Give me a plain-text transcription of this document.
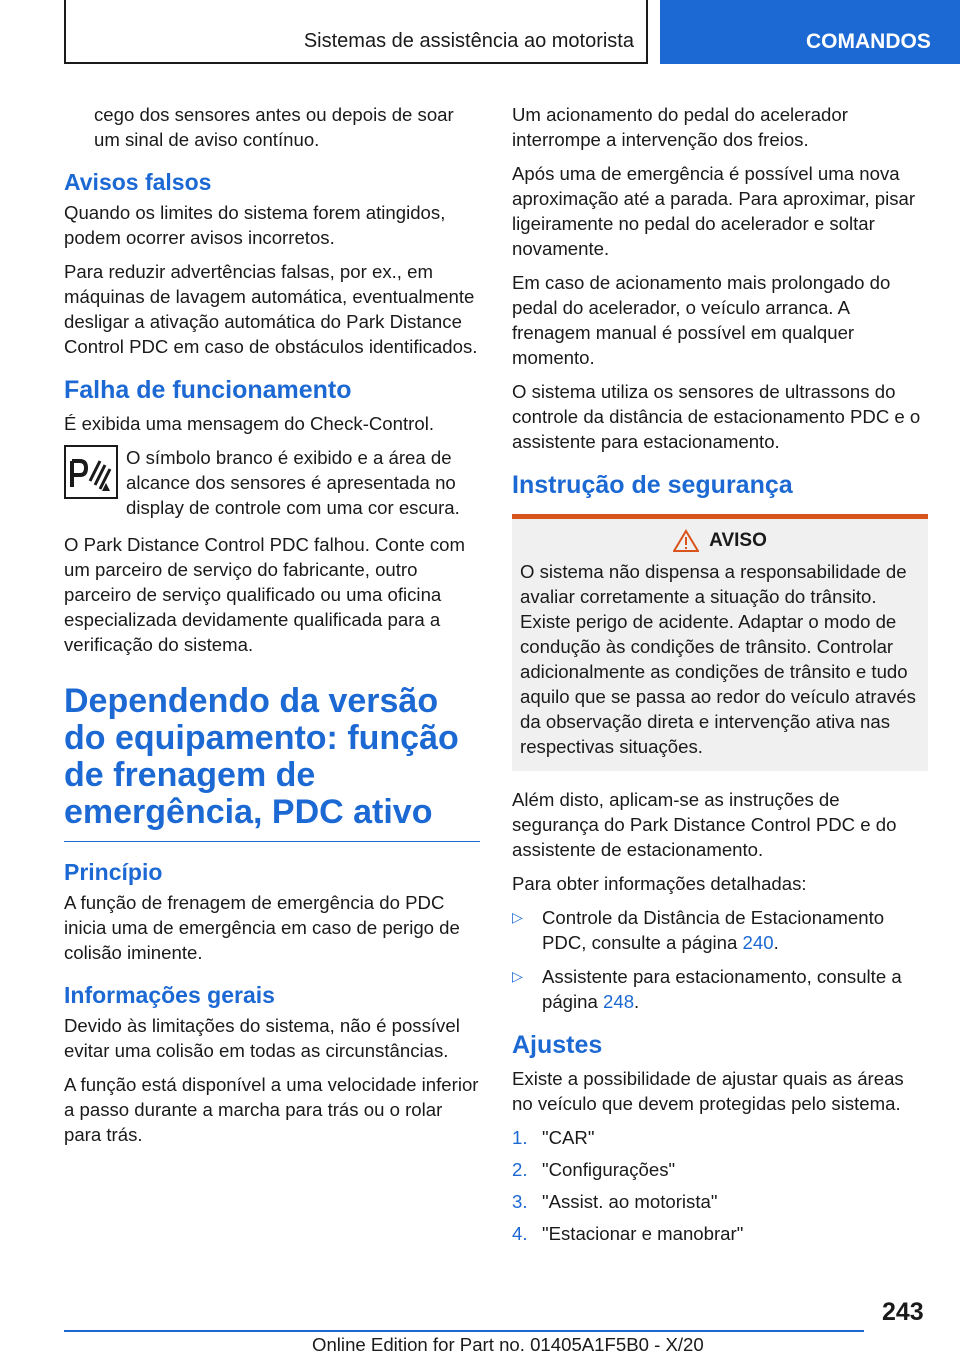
Sistemas de assistência ao motorista	COMANDOS

cego dos sensores antes ou depois de soar um sinal de aviso contínuo.

Avisos falsos

Quando os limites do sistema forem atingidos, podem ocorrer avisos incorretos.

Para reduzir advertências falsas, por ex., em máquinas de lavagem automática, eventualmente desligar a ativação automática do Park Distance Control PDC em caso de obstáculos identificados.

Falha de funcionamento

É exibida uma mensagem do Check-Control.

O símbolo branco é exibido e a área de alcance dos sensores é apresentada no display de controle com uma cor escura.

O Park Distance Control PDC falhou. Conte com um parceiro de serviço do fabricante, outro parceiro de serviço qualificado ou uma oficina especializada devidamente qualificada para a verificação do sistema.

Dependendo da versão do equipamento: função de frenagem de emergência, PDC ativo
Princípio

A função de frenagem de emergência do PDC inicia uma de emergência em caso de perigo de colisão iminente.

Informações gerais

Devido às limitações do sistema, não é possível evitar uma colisão em todas as circunstâncias.

A função está disponível a uma velocidade inferior a passo durante a marcha para trás ou o rolar para trás.

Um acionamento do pedal do acelerador interrompe a intervenção dos freios.

Após uma de emergência é possível uma nova aproximação até a parada. Para aproximar, pisar ligeiramente no pedal do acelerador e soltar novamente.

Em caso de acionamento mais prolongado do pedal do acelerador, o veículo arranca. A frenagem manual é possível em qualquer momento.

O sistema utiliza os sensores de ultrassons do controle da distância de estacionamento PDC e o assistente para estacionamento.

Instrução de segurança
AVISO

O sistema não dispensa a responsabilidade de avaliar corretamente a situação do trânsito. Existe perigo de acidente. Adaptar o modo de condução às condições de trânsito. Controlar adicionalmente as condições de trânsito e tudo aquilo que se passa ao redor do veículo através da observação direta e intervenção ativa nas respectivas situações.

Além disto, aplicam-se as instruções de segurança do Park Distance Control PDC e do assistente de estacionamento.

Para obter informações detalhadas:

▷ Controle da Distância de Estacionamento PDC, consulte a página 240.
▷ Assistente para estacionamento, consulte a página 248.
Ajustes

Existe a possibilidade de ajustar quais as áreas no veículo que devem protegidas pelo sistema.

1. "CAR"
2. "Configurações"
3. "Assist. ao motorista"
4. "Estacionar e manobrar"
243
Online Edition for Part no. 01405A1F5B0 - X/20
